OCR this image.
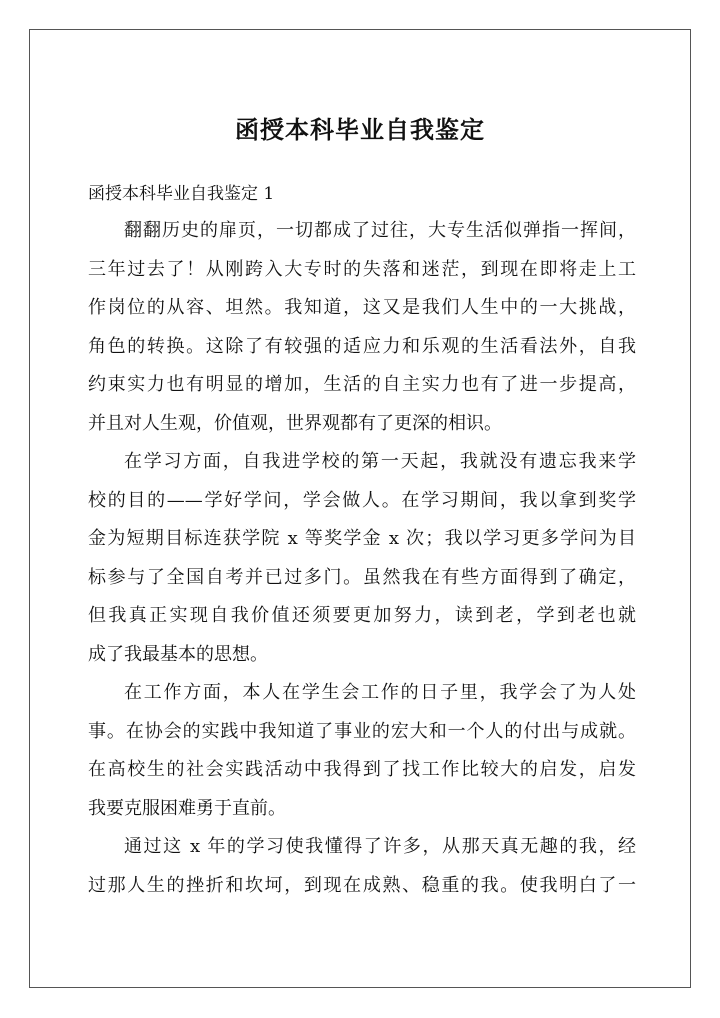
函授本科毕业自我鉴定
函授本科毕业自我鉴定 1
翻翻历史的扉页，一切都成了过往，大专生活似弹指一挥间，
三年过去了！从刚跨入大专时的失落和迷茫，到现在即将走上工
作岗位的从容、坦然。我知道，这又是我们人生中的一大挑战，
角色的转换。这除了有较强的适应力和乐观的生活看法外，自我
约束实力也有明显的增加，生活的自主实力也有了进一步提高，
并且对人生观，价值观，世界观都有了更深的相识。
在学习方面，自我进学校的第一天起，我就没有遗忘我来学
校的目的——学好学问，学会做人。在学习期间，我以拿到奖学
金为短期目标连获学院 x 等奖学金 x 次；我以学习更多学问为目
标参与了全国自考并已过多门。虽然我在有些方面得到了确定，
但我真正实现自我价值还须要更加努力，读到老，学到老也就
成了我最基本的思想。
在工作方面，本人在学生会工作的日子里，我学会了为人处
事。在协会的实践中我知道了事业的宏大和一个人的付出与成就。
在高校生的社会实践活动中我得到了找工作比较大的启发，启发
我要克服困难勇于直前。
通过这 x 年的学习使我懂得了许多，从那天真无趣的我，经
过那人生的挫折和坎坷，到现在成熟、稳重的我。使我明白了一
